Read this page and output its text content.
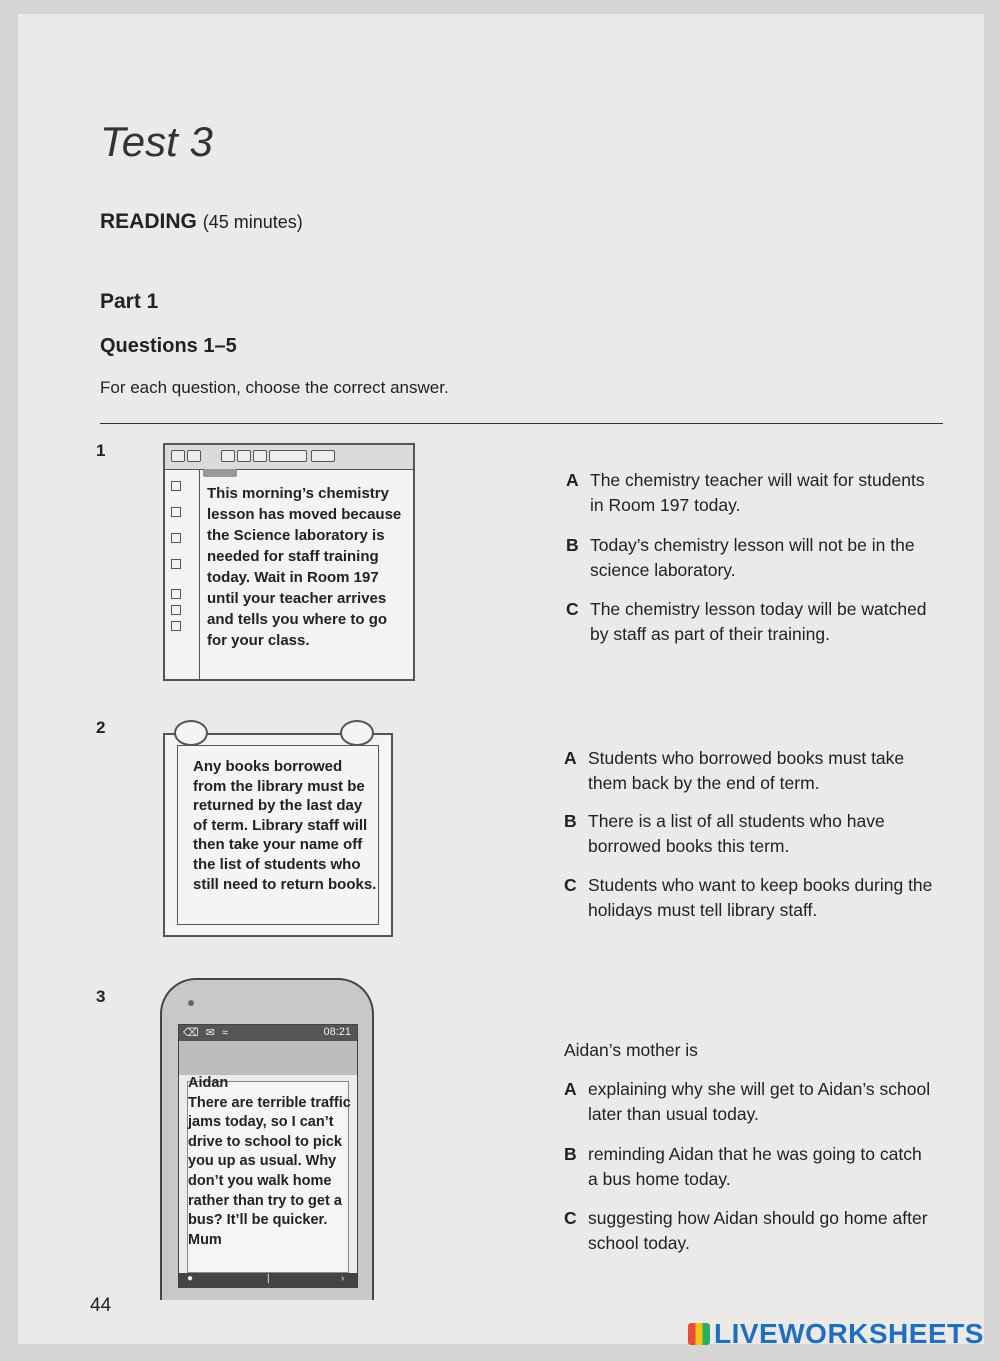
Test 3
READING (45 minutes)
Part 1
Questions 1–5
For each question, choose the correct answer.
1
This morning’s chemistry lesson has moved because the Science laboratory is needed for staff training today. Wait in Room 197 until your teacher arrives and tells you where to go for your class.
A The chemistry teacher will wait for students in Room 197 today.
B Today’s chemistry lesson will not be in the science laboratory.
C The chemistry lesson today will be watched by staff as part of their training.
2
Any books borrowed from the library must be returned by the last day of term. Library staff will then take your name off the list of students who still need to return books.
A Students who borrowed books must take them back by the end of term.
B There is a list of all students who have borrowed books this term.
C Students who want to keep books during the holidays must tell library staff.
3
⌫ ✉ ≈	08:21
●	|	›
Aidan
There are terrible traffic jams today, so I can’t drive to school to pick you up as usual. Why don’t you walk home rather than try to get a bus? It’ll be quicker.
Mum
Aidan’s mother is
A explaining why she will get to Aidan’s school later than usual today.
B reminding Aidan that he was going to catch a bus home today.
C suggesting how Aidan should go home after school today.
44
LIVEWORKSHEETS
